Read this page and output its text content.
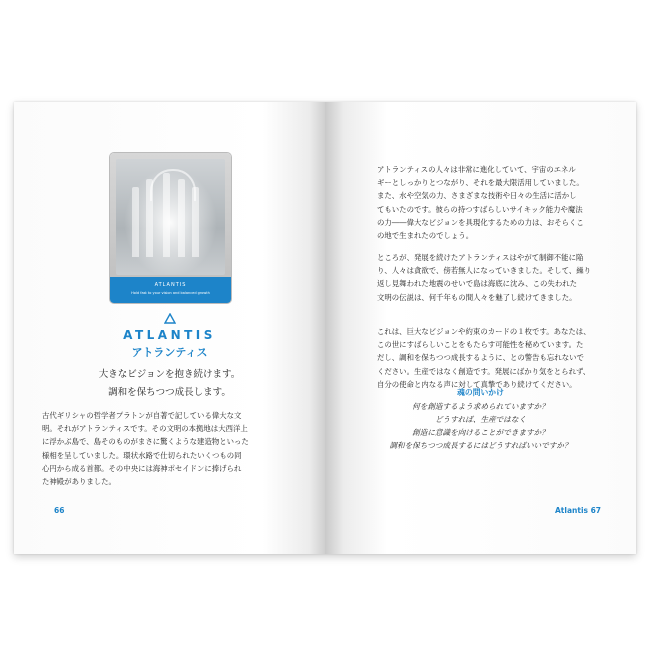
ATLANTIS
Hold fast to your vision and balanced growth
ATLANTIS
アトランティス
大きなビジョンを抱き続けます。
調和を保ちつつ成長します。
古代ギリシャの哲学者プラトンが自著で記している偉大な文
明。それがアトランティスです。その文明の本拠地は大西洋上
に浮かぶ島で、島そのものがまさに驚くような建造物といった
様相を呈していました。環状水路で仕切られたいくつもの同
心円から成る首都。その中央には海神ポセイドンに捧げられ
た神殿がありました。
66
アトランティスの人々は非常に進化していて、宇宙のエネル
ギーとしっかりとつながり、それを最大限活用していました。
また、水や空気の力、さまざまな技術や日々の生活に活かし
てもいたのです。彼らの持つすばらしいサイキック能力や魔法
の力――偉大なビジョンを具現化するための力は、おそらくこ
の地で生まれたのでしょう。
ところが、発展を続けたアトランティスはやがて制御不能に陥
り、人々は貪欲で、傍若無人になっていきました。そして、繰り
返し見舞われた地震のせいで島は海底に沈み、この失われた
文明の伝説は、何千年もの間人々を魅了し続けてきました。
これは、巨大なビジョンや約束のカードの１枚です。あなたは、
この世にすばらしいことをもたらす可能性を秘めています。た
だし、調和を保ちつつ成長するように、との警告も忘れないで
ください。生産ではなく創造です。発展にばかり気をとられず、
自分の使命と内なる声に対して真摯であり続けてください。
魂の問いかけ
何を創造するよう求められていますか？
どうすれば、生産ではなく
創造に意識を向けることができますか？
調和を保ちつつ成長するにはどうすればいいですか？
Atlantis 67
